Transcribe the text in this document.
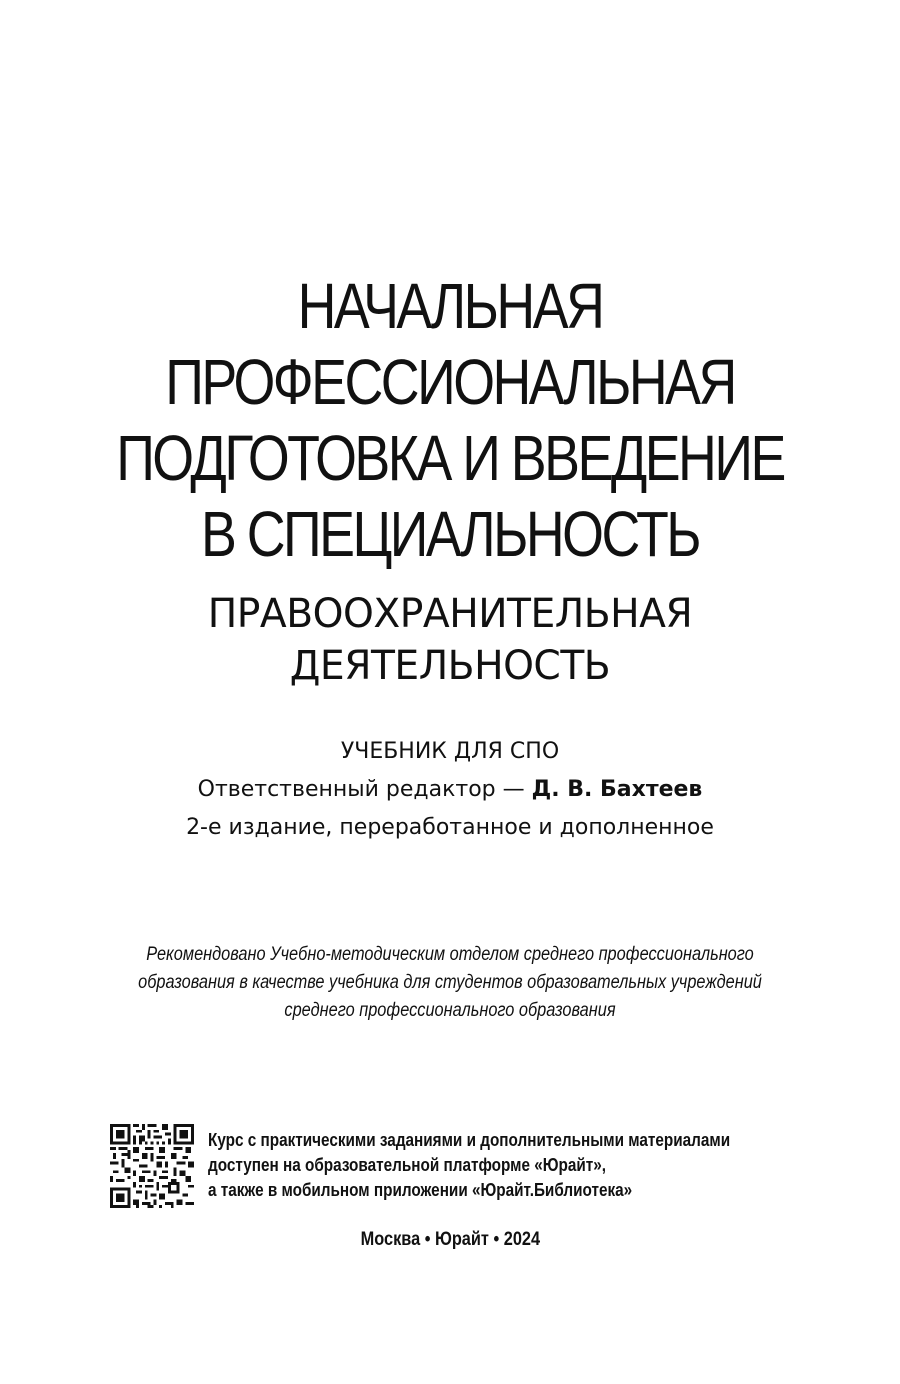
НАЧАЛЬНАЯ
ПРОФЕССИОНАЛЬНАЯ
ПОДГОТОВКА И ВВЕДЕНИЕ
В СПЕЦИАЛЬНОСТЬ
ПРАВООХРАНИТЕЛЬНАЯ
ДЕЯТЕЛЬНОСТЬ
УЧЕБНИК ДЛЯ СПО
Ответственный редактор — Д. В. Бахтеев
2-е издание, переработанное и дополненное
Рекомендовано Учебно-методическим отделом среднего профессионального
образования в качестве учебника для студентов образовательных учреждений
среднего профессионального образования
Курс с практическими заданиями и дополнительными материалами
доступен на образовательной платформе «Юрайт»,
а также в мобильном приложении «Юрайт.Библиотека»
Москва • Юрайт • 2024
